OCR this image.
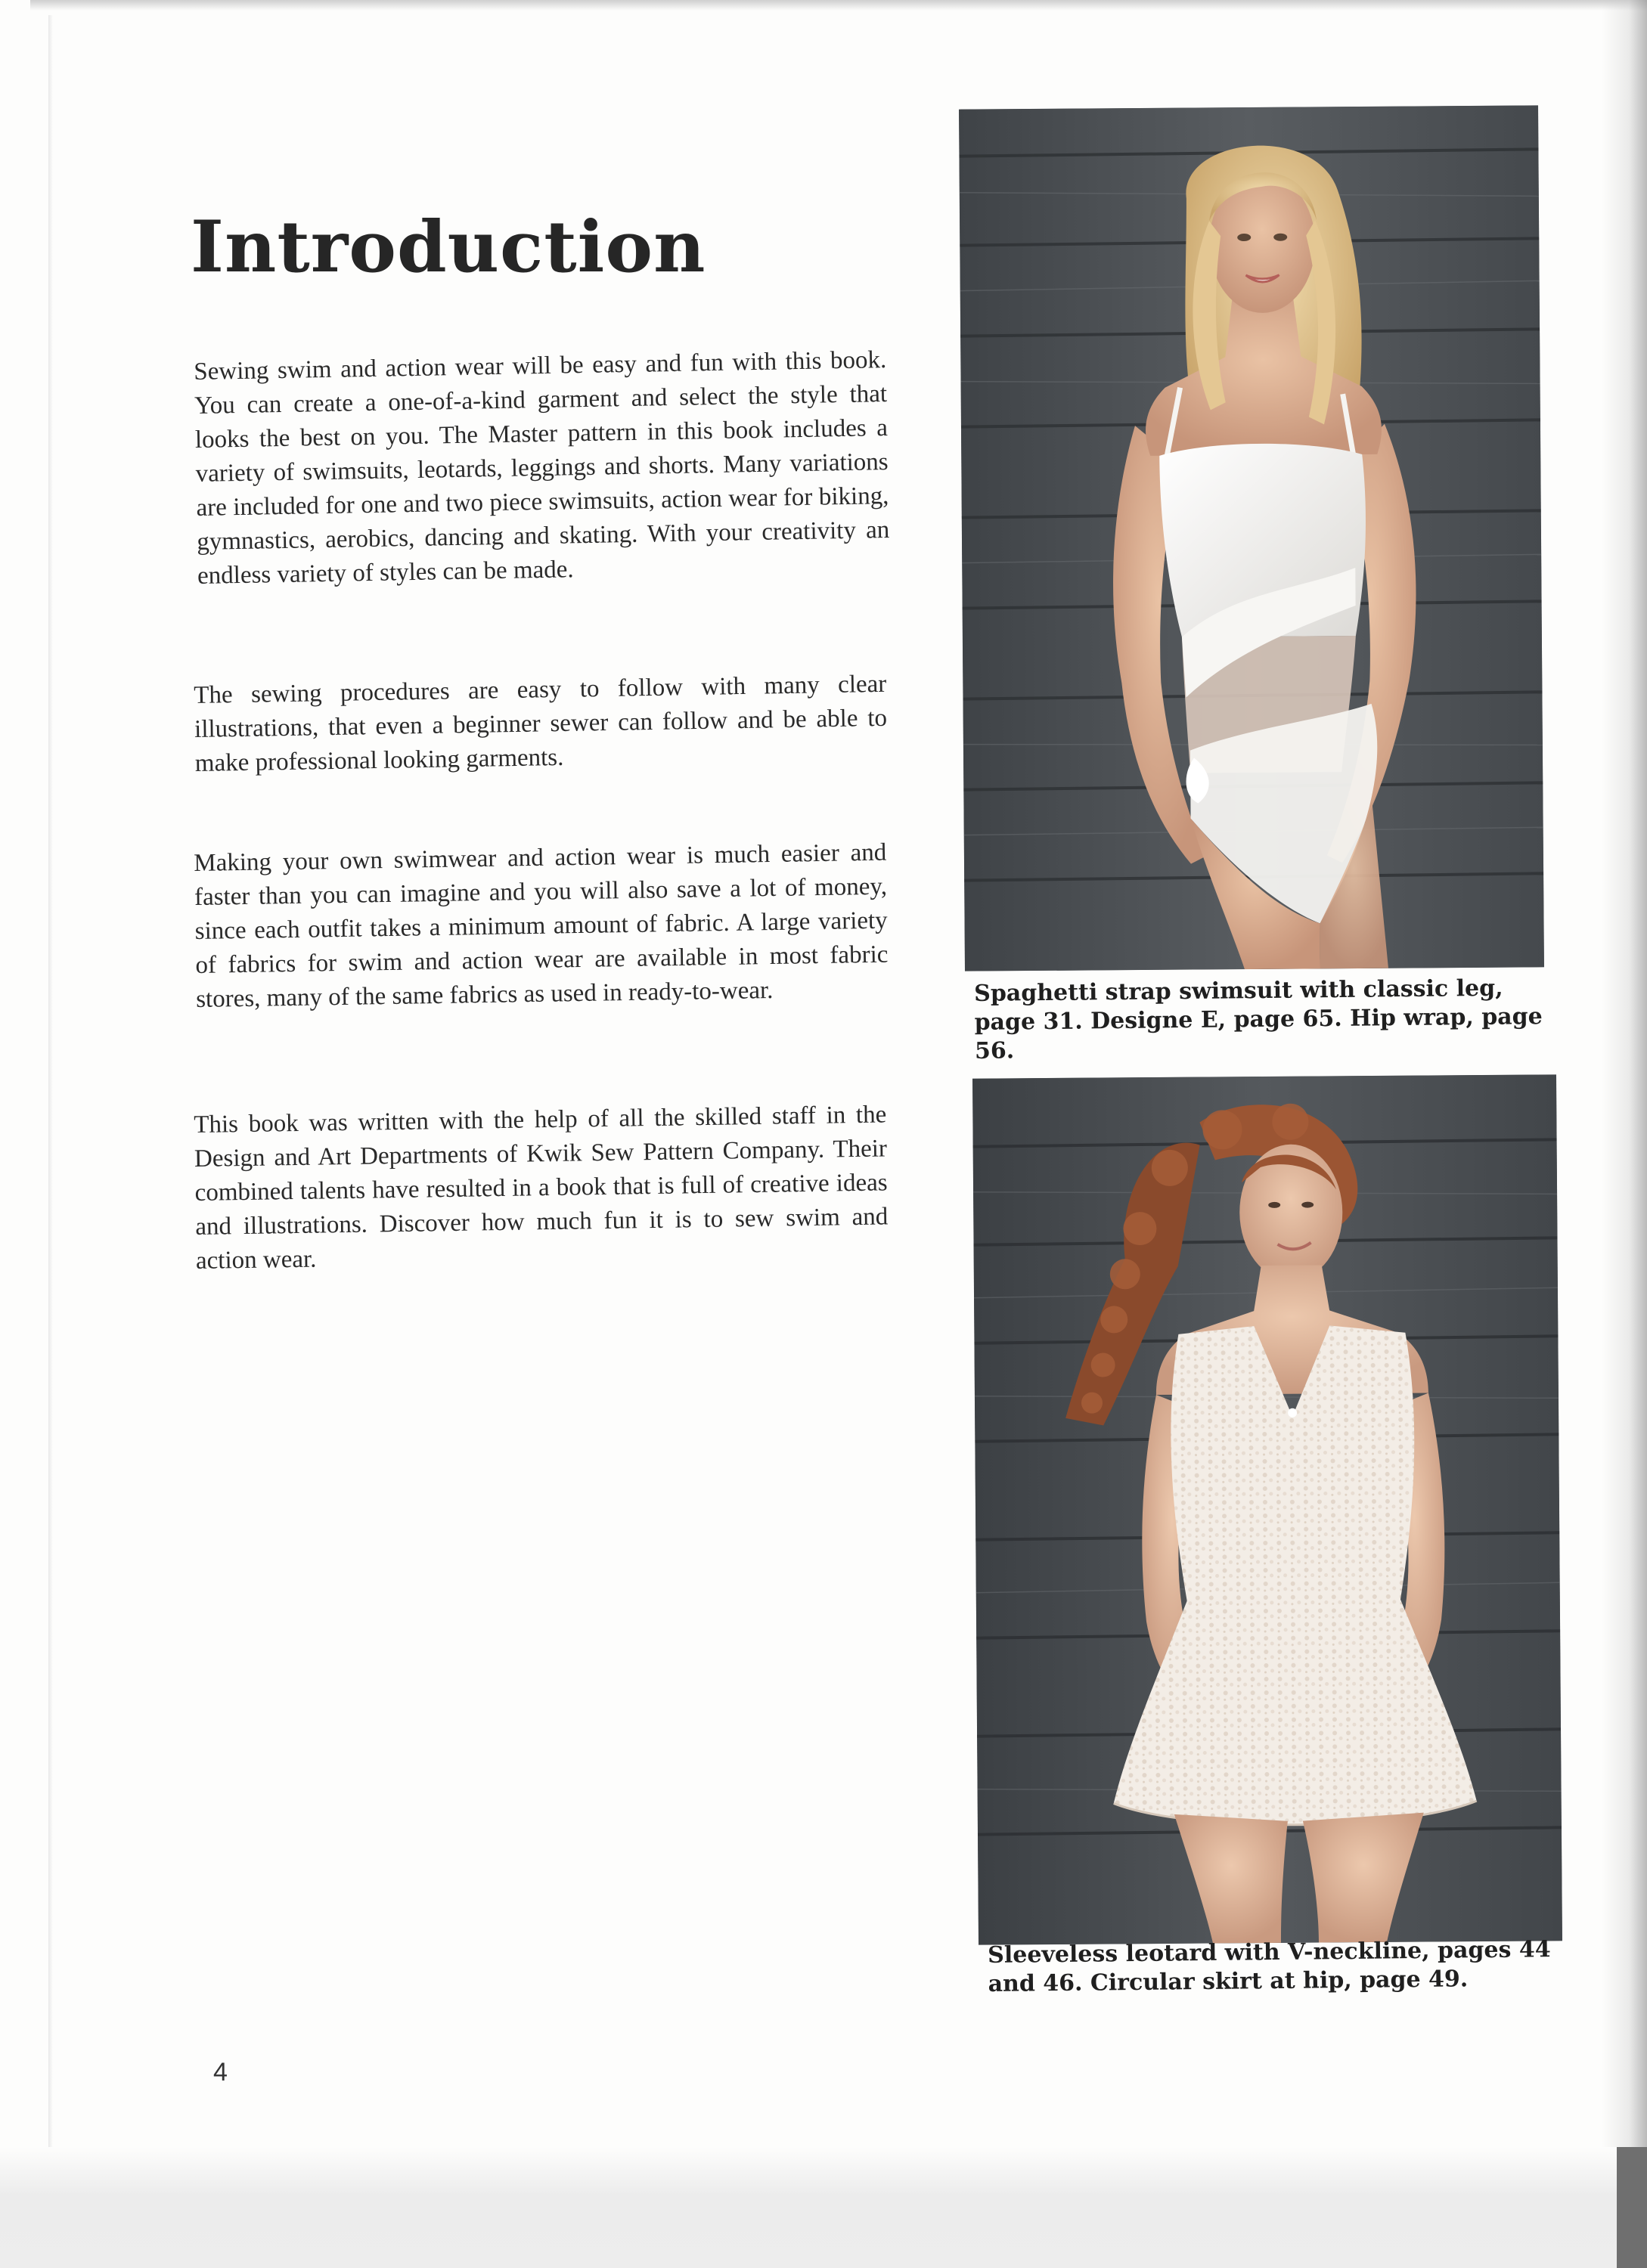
Introduction

Sewing swim and action wear will be easy and fun with this book. You can create a one-of-a-kind garment and select the style that looks the best on you. The Master pattern in this book includes a variety of swimsuits, leotards, leggings and shorts. Many variations are included for one and two piece swimsuits, action wear for biking, gymnastics, aerobics, dancing and skating. With your creativity an endless variety of styles can be made.

The sewing procedures are easy to follow with many clear illustrations, that even a beginner sewer can follow and be able to make professional looking garments.

Making your own swimwear and action wear is much easier and faster than you can imagine and you will also save a lot of money, since each outfit takes a minimum amount of fabric. A large variety of fabrics for swim and action wear are available in most fabric stores, many of the same fabrics as used in ready-to-wear.

This book was written with the help of all the skilled staff in the Design and Art Departments of Kwik Sew Pattern Company. Their combined talents have resulted in a book that is full of creative ideas and illustrations. Discover how much fun it is to sew swim and action wear.

Spaghetti strap swimsuit with classic leg, page 31. Designe E, page 65. Hip wrap, page 56.

Sleeveless leotard with V-neckline, pages 44 and 46. Circular skirt at hip, page 49.

4
